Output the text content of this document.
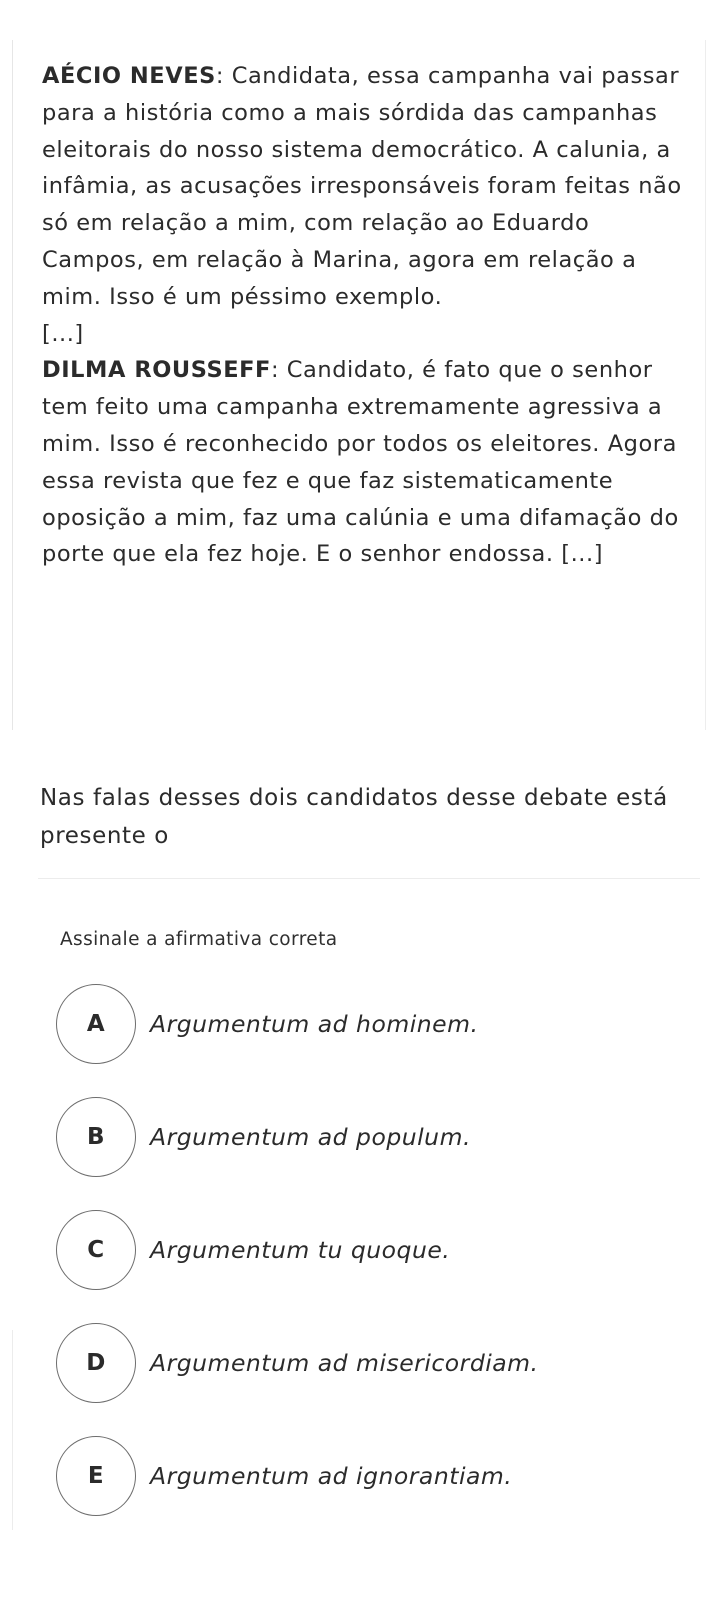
AÉCIO NEVES: Candidata, essa campanha vai passar para a história como a mais sórdida das campanhas eleitorais do nosso sistema democrático. A calunia, a infâmia, as acusações irresponsáveis foram feitas não só em relação a mim, com relação ao Eduardo Campos, em relação à Marina, agora em relação a mim. Isso é um péssimo exemplo.

[...]

DILMA ROUSSEFF: Candidato, é fato que o senhor tem feito uma campanha extremamente agressiva a mim. Isso é reconhecido por todos os eleitores. Agora essa revista que fez e que faz sistematicamente oposição a mim, faz uma calúnia e uma difamação do porte que ela fez hoje. E o senhor endossa. [...]

Nas falas desses dois candidatos desse debate está presente o

Assinale a afirmativa correta

A Argumentum ad hominem.
B Argumentum ad populum.
C Argumentum tu quoque.
D Argumentum ad misericordiam.
E Argumentum ad ignorantiam.
